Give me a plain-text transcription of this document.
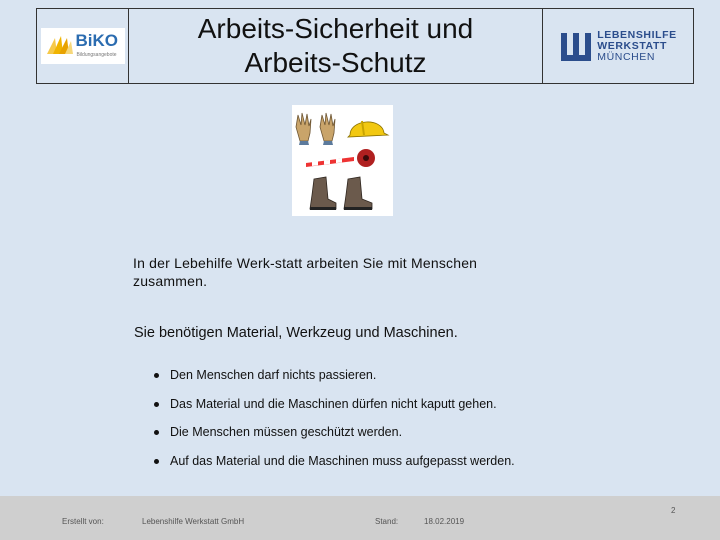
BiKO
Bildungsangebote
Arbeits-Sicherheit und
Arbeits-Schutz
LEBENSHILFE
WERKSTATT
MÜNCHEN
In der Lebehilfe Werk-statt arbeiten Sie mit Menschen zusammen.
Sie benötigen Material, Werkzeug und Maschinen.
Den Menschen darf nichts passieren.
Das Material und die Maschinen dürfen nicht kaputt gehen.
Die Menschen müssen geschützt werden.
Auf das Material und die Maschinen muss aufgepasst werden.
Erstellt von:	Lebenshilfe Werkstatt GmbH	Stand:	18.02.2019
2
